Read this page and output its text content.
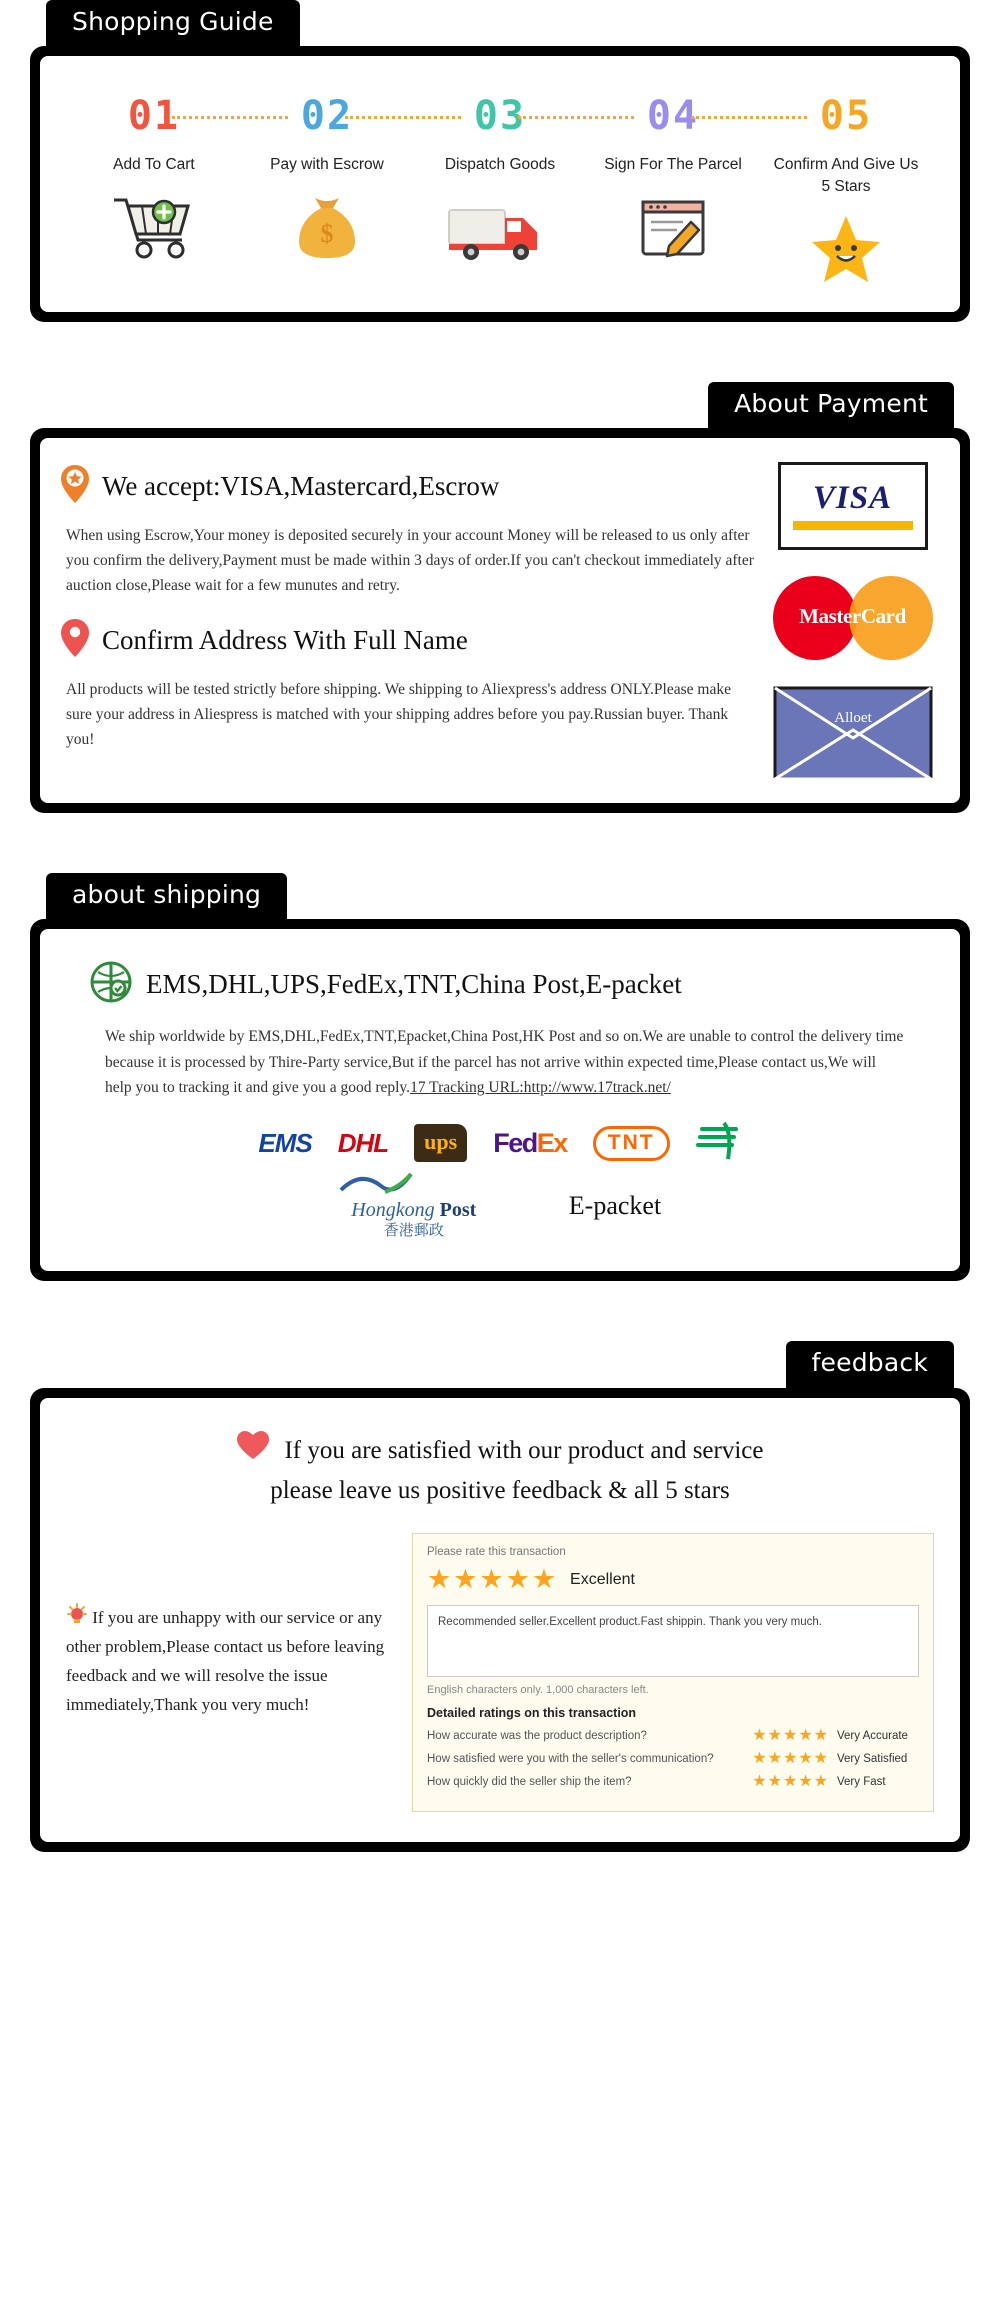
Shopping Guide
01
Add To Cart
02
Pay with Escrow
$
03
Dispatch Goods
04
Sign For The Parcel
05
Confirm And Give Us 5 Stars
About Payment
We accept:VISA,Mastercard,Escrow

When using Escrow,Your money is deposited securely in your account Money will be released to us only after you confirm the delivery,Payment must be made within 3 days of order.If you can't checkout immediately after auction close,Please wait for a few munutes and retry.

Confirm Address With Full Name

All products will be tested strictly before shipping. We shipping to Aliexpress's address ONLY.Please make sure your address in Aliespress is matched with your shipping addres before you pay.Russian buyer. Thank you!

VISA
MasterCard
Alloet
about shipping
EMS,DHL,UPS,FedEx,TNT,China Post,E-packet

We ship worldwide by EMS,DHL,FedEx,TNT,Epacket,China Post,HK Post and so on.We are unable to control the delivery time because it is processed by Thire-Party service,But if the parcel has not arrive within expected time,Please contact us,We will help you to tracking it and give you a good reply.17 Tracking URL:http://www.17track.net/

EMS DHL	ups	FedEx	TNT
Hongkong Post
香港郵政
E-packet
feedback
If you are satisfied with our product and service
please leave us positive feedback & all 5 stars
If you are unhappy with our service or any other problem,Please contact us before leaving feedback and we will resolve the issue immediately,Thank you very much!
Please rate this transaction
★★★★★ Excellent
Recommended seller.Excellent product.Fast shippin. Thank you very much.
English characters only. 1,000 characters left.
Detailed ratings on this transaction
How accurate was the product description?	★★★★★ Very Accurate
How satisfied were you with the seller's communication?	★★★★★ Very Satisfied
How quickly did the seller ship the item?	★★★★★ Very Fast
